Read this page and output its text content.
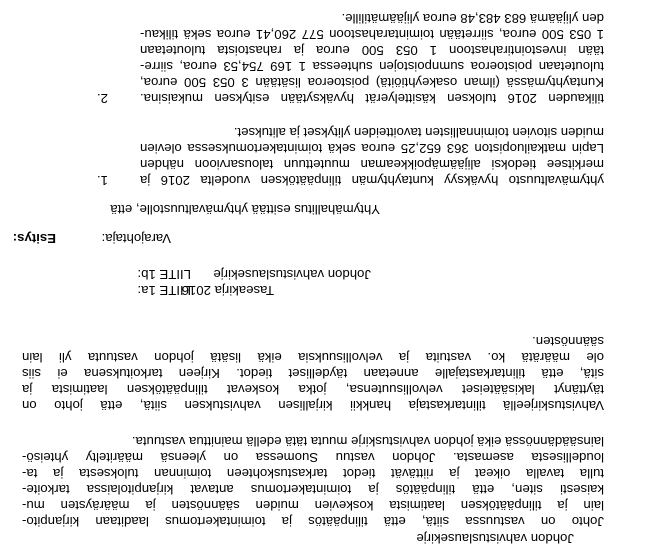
Johdon vahvistuslausekirje
Johto on vastuussa siitä, että tilinpäätös ja toimintakertomus laaditaan kirjanpito-
lain ja tilinpäätöksen laatimista koskevien muiden säännösten ja määräysten mu-
kaisesti siten, että tilinpäätös ja toimintakertomus antavat kirjanpitolaissa tarkoite-
tulla tavalla oikeat ja riittävät tiedot tarkastuskohteen toiminnan tuloksesta ja ta-
loudellisesta asemasta. Johdon vastuu Suomessa on yleensä määritelty yhteisö-
lainsäädännössä eikä johdon vahvistuskirje muuta tätä edellä mainittua vastuuta.
Vahvistuskirjeellä tilintarkastaja hankkii kirjallisen vahvistuksen siitä, että johto on
täyttänyt lakisääteiset velvollisuutensa, jotka koskevat tilinpäätöksen laatimista ja
sitä, että tilintarkastajalle annetaan täydelliset tiedot. Kirjeen tarkoituksena ei siis
ole määrätä ko. vastuita ja velvollisuuksia eikä lisätä johdon vastuuta yli lain
säännösten.
LIITE 1a:
Taseakirja 2016
LIITE 1b: Johdon vahvistuslausekirje
Esitys:	Varajohtaja:
Yhtymähallitus esittää yhtymävaltuustolle, että
1. yhtymävaltuusto hyväksyy kuntayhtymän tilinpäätöksen vuodelta 2016 ja
merkitsee tiedoksi alijäämäpoikkeaman muutettuun talousarvioon nähden
Lapin matkailuopiston 363 652,25 euroa sekä toimintakertomuksessa olevien
muiden sitovien toiminnallisten tavoitteiden ylitykset ja alitukset.
2. tilikauden 2016 tuloksen käsittelyerät hyväksytään esityksen mukaisina.
Kuntayhtymässä (ilman osakeyhtiöitä) poistoeroa lisätään 3 053 500 euroa,
tuloutetaan poistoeroa sumnpoistojen suhteessa 1 169 754,53 euroa, siirre-
tään investointirahastoon 1 053 500 euroa ja rahastoista tuloutetaan
1 053 500 euroa, siirretään toimintarahastoon 577 260,41 euroa sekä tilikau-
den ylijäämä 683 483,48 euroa ylijäämätilille.
